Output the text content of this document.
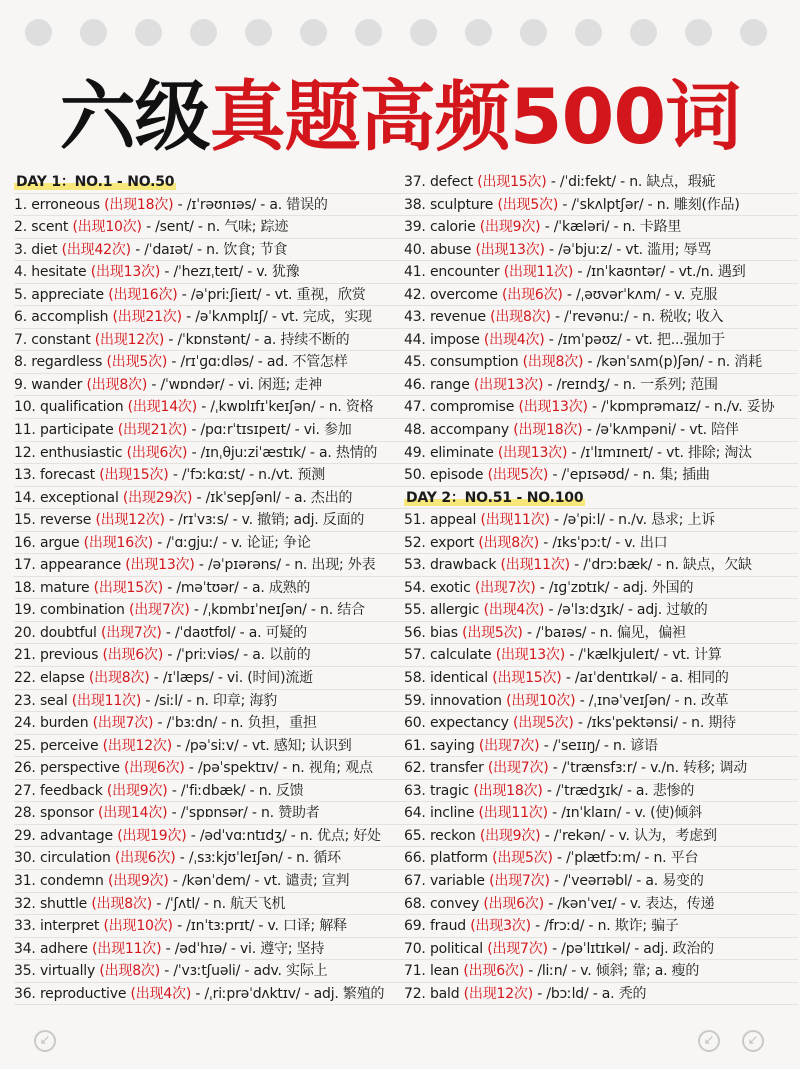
六级真题高频500词
DAY 1：NO.1 - NO.50
1. erroneous (出现18次) - /ɪˈrəʊnɪəs/ - a. 错误的
2. scent (出现10次) - /sent/ - n. 气味; 踪迹
3. diet (出现42次) - /ˈdaɪət/ - n. 饮食; 节食
4. hesitate (出现13次) - /ˈhezɪˌteɪt/ - v. 犹豫
5. appreciate (出现16次) - /əˈpriːʃieɪt/ - vt. 重视，欣赏
6. accomplish (出现21次) - /əˈkʌmplɪʃ/ - vt. 完成，实现
7. constant (出现12次) - /ˈkɒnstənt/ - a. 持续不断的
8. regardless (出现5次) - /rɪˈɡɑːdləs/ - ad. 不管怎样
9. wander (出现8次) - /ˈwɒndər/ - vi. 闲逛; 走神
10. qualification (出现14次) - /ˌkwɒlɪfɪˈkeɪʃən/ - n. 资格
11. participate (出现21次) - /pɑːrˈtɪsɪpeɪt/ - vi. 参加
12. enthusiastic (出现6次) - /ɪnˌθjuːziˈæstɪk/ - a. 热情的
13. forecast (出现15次) - /ˈfɔːkɑːst/ - n./vt. 预测
14. exceptional (出现29次) - /ɪkˈsepʃənl/ - a. 杰出的
15. reverse (出现12次) - /rɪˈvɜːs/ - v. 撤销; adj. 反面的
16. argue (出现16次) - /ˈɑːɡjuː/ - v. 论证; 争论
17. appearance (出现13次) - /əˈpɪərəns/ - n. 出现; 外表
18. mature (出现15次) - /məˈtʊər/ - a. 成熟的
19. combination (出现7次) - /ˌkɒmbɪˈneɪʃən/ - n. 结合
20. doubtful (出现7次) - /ˈdaʊtfʊl/ - a. 可疑的
21. previous (出现6次) - /ˈpriːviəs/ - a. 以前的
22. elapse (出现8次) - /ɪˈlæps/ - vi. (时间)流逝
23. seal (出现11次) - /siːl/ - n. 印章; 海豹
24. burden (出现7次) - /ˈbɜːdn/ - n. 负担，重担
25. perceive (出现12次) - /pəˈsiːv/ - vt. 感知; 认识到
26. perspective (出现6次) - /pəˈspektɪv/ - n. 视角; 观点
27. feedback (出现9次) - /ˈfiːdbæk/ - n. 反馈
28. sponsor (出现14次) - /ˈspɒnsər/ - n. 赞助者
29. advantage (出现19次) - /ədˈvɑːntɪdʒ/ - n. 优点; 好处
30. circulation (出现6次) - /ˌsɜːkjʊˈleɪʃən/ - n. 循环
31. condemn (出现9次) - /kənˈdem/ - vt. 谴责; 宣判
32. shuttle (出现8次) - /ˈʃʌtl/ - n. 航天飞机
33. interpret (出现10次) - /ɪnˈtɜːprɪt/ - v. 口译; 解释
34. adhere (出现11次) - /ədˈhɪə/ - vi. 遵守; 坚持
35. virtually (出现8次) - /ˈvɜːtʃuəli/ - adv. 实际上
36. reproductive (出现4次) - /ˌriːprəˈdʌktɪv/ - adj. 繁殖的
37. defect (出现15次) - /ˈdiːfekt/ - n. 缺点，瑕疵
38. sculpture (出现5次) - /ˈskʌlptʃər/ - n. 雕刻(作品)
39. calorie (出现9次) - /ˈkæləri/ - n. 卡路里
40. abuse (出现13次) - /əˈbjuːz/ - vt. 滥用; 辱骂
41. encounter (出现11次) - /ɪnˈkaʊntər/ - vt./n. 遇到
42. overcome (出现6次) - /ˌəʊvərˈkʌm/ - v. 克服
43. revenue (出现8次) - /ˈrevənuː/ - n. 税收; 收入
44. impose (出现4次) - /ɪmˈpəʊz/ - vt. 把...强加于
45. consumption (出现8次) - /kənˈsʌm(p)ʃən/ - n. 消耗
46. range (出现13次) - /reɪndʒ/ - n. 一系列; 范围
47. compromise (出现13次) - /ˈkɒmprəmaɪz/ - n./v. 妥协
48. accompany (出现18次) - /əˈkʌmpəni/ - vt. 陪伴
49. eliminate (出现13次) - /ɪˈlɪmɪneɪt/ - vt. 排除; 淘汰
50. episode (出现5次) - /ˈepɪsəʊd/ - n. 集; 插曲
DAY 2：NO.51 - NO.100
51. appeal (出现11次) - /əˈpiːl/ - n./v. 恳求; 上诉
52. export (出现8次) - /ɪksˈpɔːt/ - v. 出口
53. drawback (出现11次) - /ˈdrɔːbæk/ - n. 缺点，欠缺
54. exotic (出现7次) - /ɪɡˈzɒtɪk/ - adj. 外国的
55. allergic (出现4次) - /əˈlɜːdʒɪk/ - adj. 过敏的
56. bias (出现5次) - /ˈbaɪəs/ - n. 偏见，偏袒
57. calculate (出现13次) - /ˈkælkjuleɪt/ - vt. 计算
58. identical (出现15次) - /aɪˈdentɪkəl/ - a. 相同的
59. innovation (出现10次) - /ˌɪnəˈveɪʃən/ - n. 改革
60. expectancy (出现5次) - /ɪksˈpektənsi/ - n. 期待
61. saying (出现7次) - /ˈseɪɪŋ/ - n. 谚语
62. transfer (出现7次) - /ˈtrænsfɜːr/ - v./n. 转移; 调动
63. tragic (出现18次) - /ˈtrædʒɪk/ - a. 悲惨的
64. incline (出现11次) - /ɪnˈklaɪn/ - v. (使)倾斜
65. reckon (出现9次) - /ˈrekən/ - v. 认为，考虑到
66. platform (出现5次) - /ˈplætfɔːm/ - n. 平台
67. variable (出现7次) - /ˈveərɪəbl/ - a. 易变的
68. convey (出现6次) - /kənˈveɪ/ - v. 表达，传递
69. fraud (出现3次) - /frɔːd/ - n. 欺诈; 骗子
70. political (出现7次) - /pəˈlɪtɪkəl/ - adj. 政治的
71. lean (出现6次) - /liːn/ - v. 倾斜; 靠; a. 瘦的
72. bald (出现12次) - /bɔːld/ - a. 秃的
↙	↙	↙
